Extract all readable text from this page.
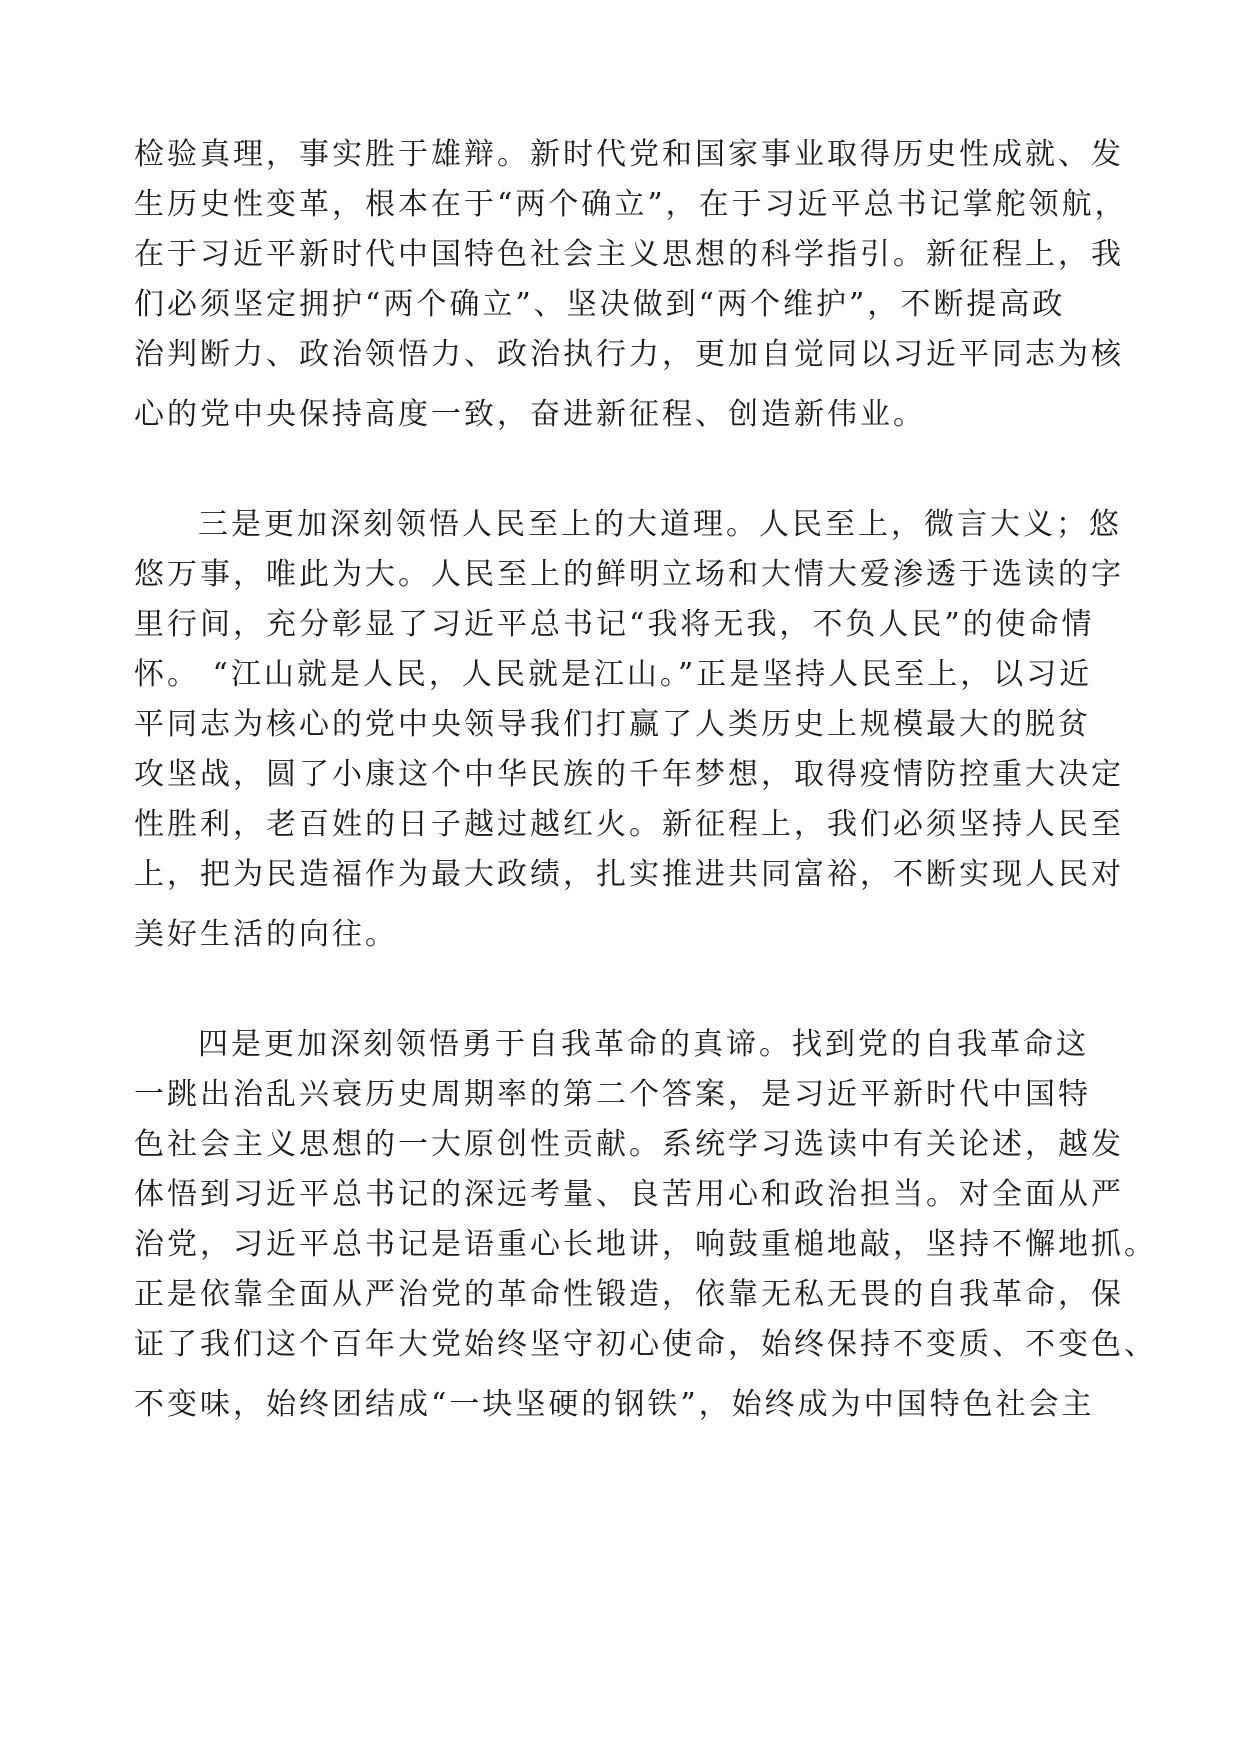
检验真理，事实胜于雄辩。新时代党和国家事业取得历史性成就、发
生历史性变革，根本在于“两个确立”，在于习近平总书记掌舵领航，
在于习近平新时代中国特色社会主义思想的科学指引。新征程上，我
们必须坚定拥护“两个确立”、坚决做到“两个维护”，不断提高政
治判断力、政治领悟力、政治执行力，更加自觉同以习近平同志为核
心的党中央保持高度一致，奋进新征程、创造新伟业。
三是更加深刻领悟人民至上的大道理。人民至上，微言大义；悠
悠万事，唯此为大。人民至上的鲜明立场和大情大爱渗透于选读的字
里行间，充分彰显了习近平总书记“我将无我，不负人民”的使命情
怀。 “江山就是人民，人民就是江山。”正是坚持人民至上，以习近
平同志为核心的党中央领导我们打赢了人类历史上规模最大的脱贫
攻坚战，圆了小康这个中华民族的千年梦想，取得疫情防控重大决定
性胜利，老百姓的日子越过越红火。新征程上，我们必须坚持人民至
上，把为民造福作为最大政绩，扎实推进共同富裕，不断实现人民对
美好生活的向往。
四是更加深刻领悟勇于自我革命的真谛。找到党的自我革命这
一跳出治乱兴衰历史周期率的第二个答案，是习近平新时代中国特
色社会主义思想的一大原创性贡献。系统学习选读中有关论述，越发
体悟到习近平总书记的深远考量、良苦用心和政治担当。对全面从严
治党，习近平总书记是语重心长地讲，响鼓重槌地敲，坚持不懈地抓。
正是依靠全面从严治党的革命性锻造，依靠无私无畏的自我革命，保
证了我们这个百年大党始终坚守初心使命，始终保持不变质、不变色、
不变味，始终团结成“一块坚硬的钢铁”，始终成为中国特色社会主
